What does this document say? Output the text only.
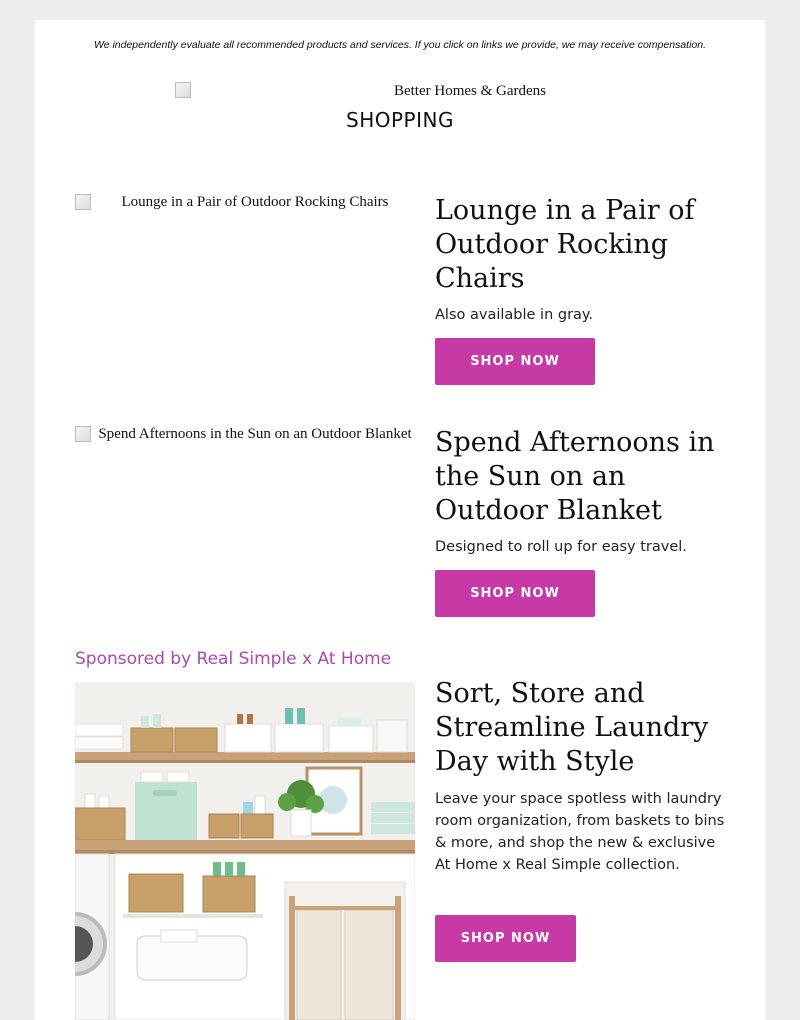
We independently evaluate all recommended products and services. If you click on links we provide, we may receive compensation.
Better Homes & Gardens
SHOPPING
Lounge in a Pair of Outdoor Rocking Chairs	Lounge in a Pair of Outdoor Rocking Chairs
Also available in gray.
SHOP NOW
Spend Afternoons in the Sun on an Outdoor Blanket Spend Afternoons in the Sun on an Outdoor Blanket
Designed to roll up for easy travel.
SHOP NOW
Sponsored by Real Simple x At Home
Sort, Store and Streamline Laundry Day with Style
Leave your space spotless with laundry room organization, from baskets to bins & more, and shop the new & exclusive At Home x Real Simple collection.
SHOP NOW
